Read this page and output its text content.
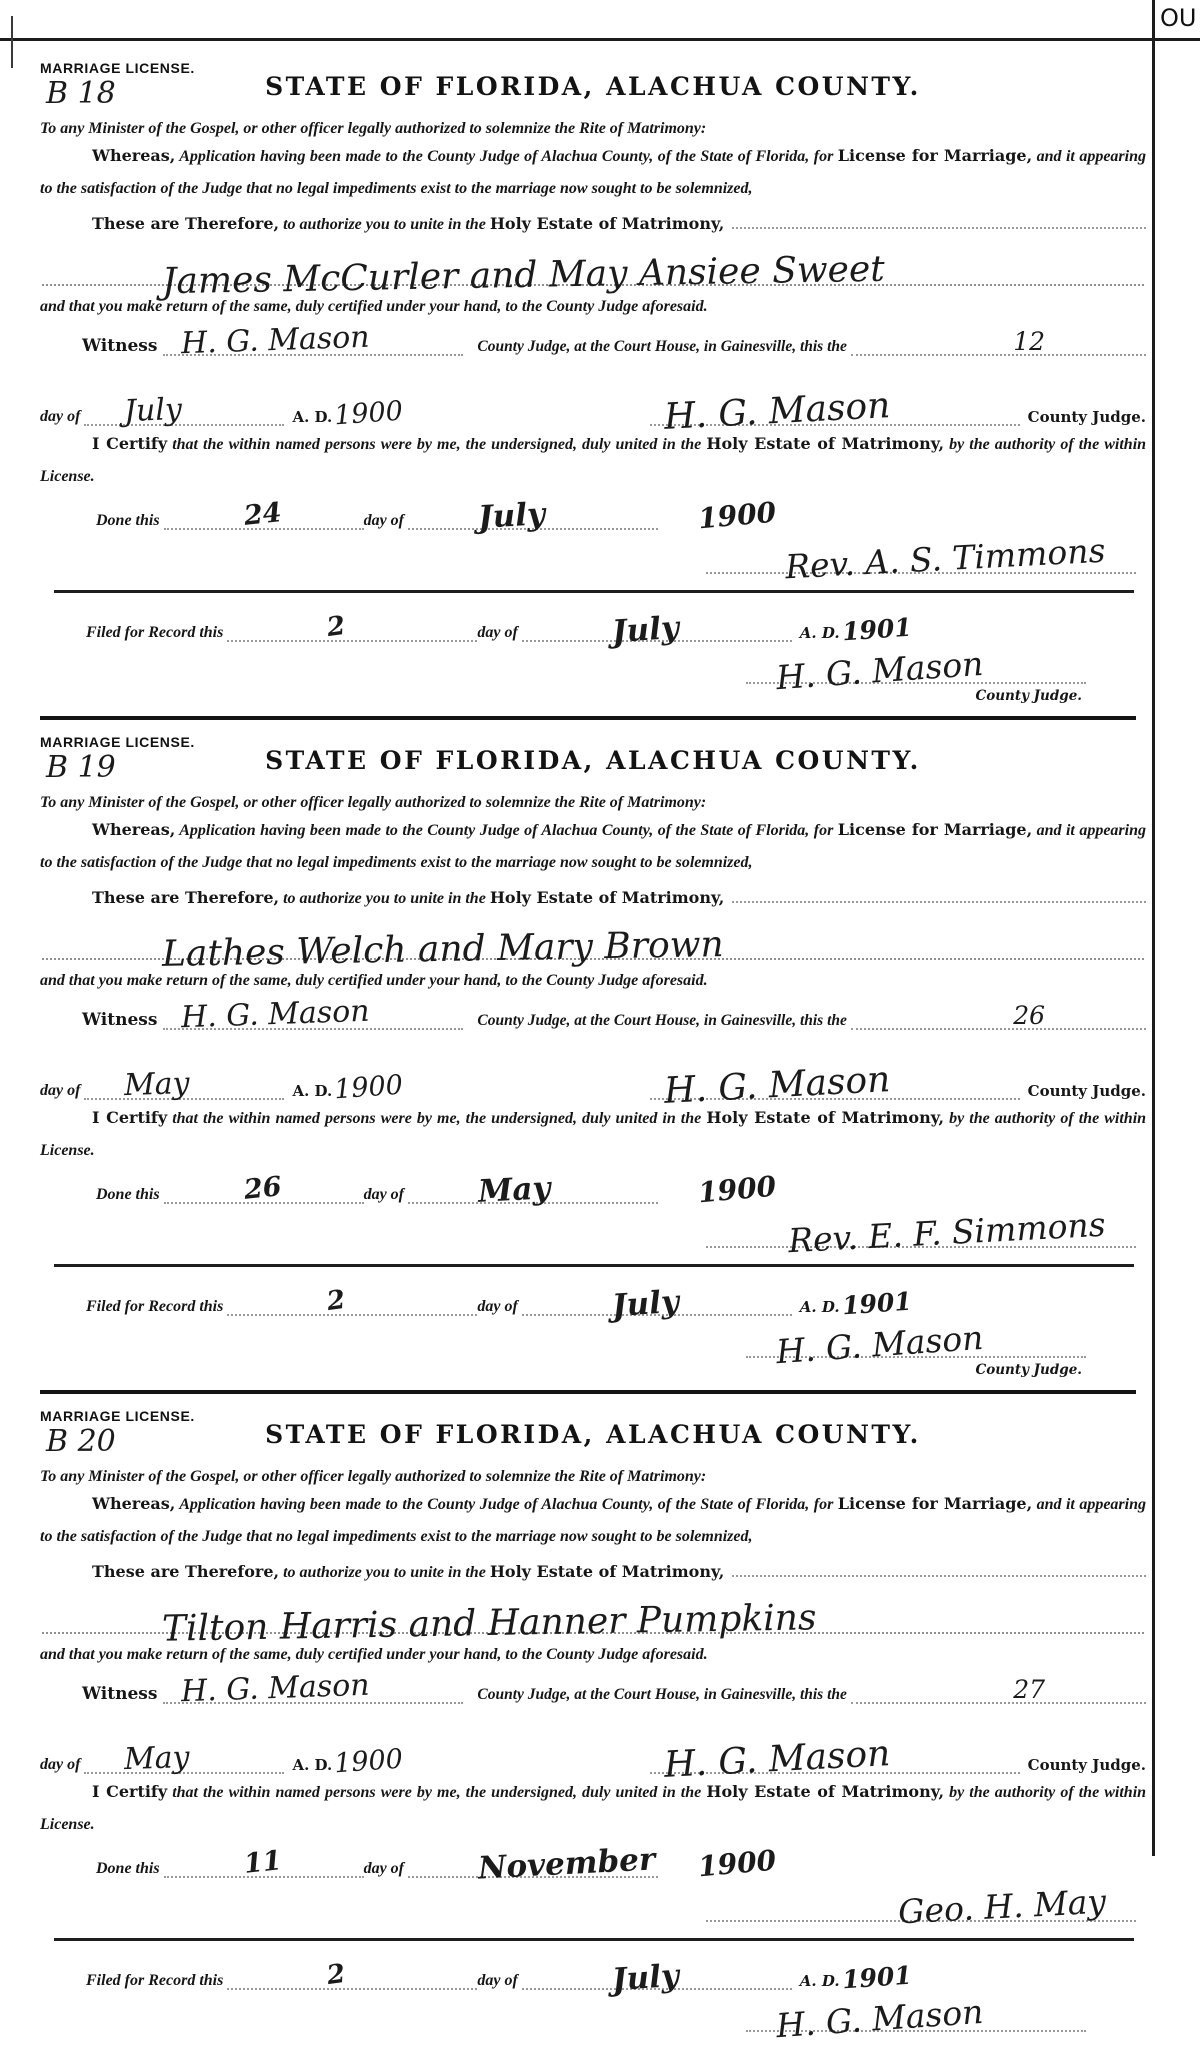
OU
MARRIAGE LICENSE.
B 18	STATE OF FLORIDA, ALACHUA COUNTY.

To any Minister of the Gospel, or other officer legally authorized to solemnize the Rite of Matrimony:

Whereas, Application having been made to the County Judge of Alachua County, of the State of Florida, for License for Marriage, and it appearing to the satisfaction of the Judge that no legal impediments exist to the marriage now sought to be solemnized,

These are Therefore,
to authorize you to unite in the
Holy Estate of Matrimony,
James McCurler and May Ansiee Sweet

and that you make return of the same, duly certified under your hand, to the County Judge aforesaid.

Witness H. G. Mason	County Judge, at the Court House, in Gainesville, this the	12
day of July	A. D. 1900	H. G. Mason	County Judge.

I Certify that the within named persons were by me, the undersigned, duly united in the Holy Estate of Matrimony, by the authority of the within License.

Done this	24	day of July	1900
Rev. A. S. Timmons
Filed for Record this	2	day of	July	A. D. 1901
H. G. Mason
County Judge.
MARRIAGE LICENSE.
B 19	STATE OF FLORIDA, ALACHUA COUNTY.

To any Minister of the Gospel, or other officer legally authorized to solemnize the Rite of Matrimony:

Whereas, Application having been made to the County Judge of Alachua County, of the State of Florida, for License for Marriage, and it appearing to the satisfaction of the Judge that no legal impediments exist to the marriage now sought to be solemnized,

These are Therefore,
to authorize you to unite in the
Holy Estate of Matrimony,
Lathes Welch and Mary Brown

and that you make return of the same, duly certified under your hand, to the County Judge aforesaid.

Witness H. G. Mason	County Judge, at the Court House, in Gainesville, this the	26
day of May	A. D. 1900	H. G. Mason	County Judge.

I Certify that the within named persons were by me, the undersigned, duly united in the Holy Estate of Matrimony, by the authority of the within License.

Done this	26	day of May	1900
Rev. E. F. Simmons
Filed for Record this	2	day of	July	A. D. 1901
H. G. Mason
County Judge.
MARRIAGE LICENSE.
B 20	STATE OF FLORIDA, ALACHUA COUNTY.

To any Minister of the Gospel, or other officer legally authorized to solemnize the Rite of Matrimony:

Whereas, Application having been made to the County Judge of Alachua County, of the State of Florida, for License for Marriage, and it appearing to the satisfaction of the Judge that no legal impediments exist to the marriage now sought to be solemnized,

These are Therefore,
to authorize you to unite in the
Holy Estate of Matrimony,
Tilton Harris and Hanner Pumpkins

and that you make return of the same, duly certified under your hand, to the County Judge aforesaid.

Witness H. G. Mason	County Judge, at the Court House, in Gainesville, this the	27
day of May	A. D. 1900	H. G. Mason	County Judge.

I Certify that the within named persons were by me, the undersigned, duly united in the Holy Estate of Matrimony, by the authority of the within License.

Done this	11	day of November 1900
Geo. H. May
Filed for Record this	2	day of	July	A. D. 1901
H. G. Mason
